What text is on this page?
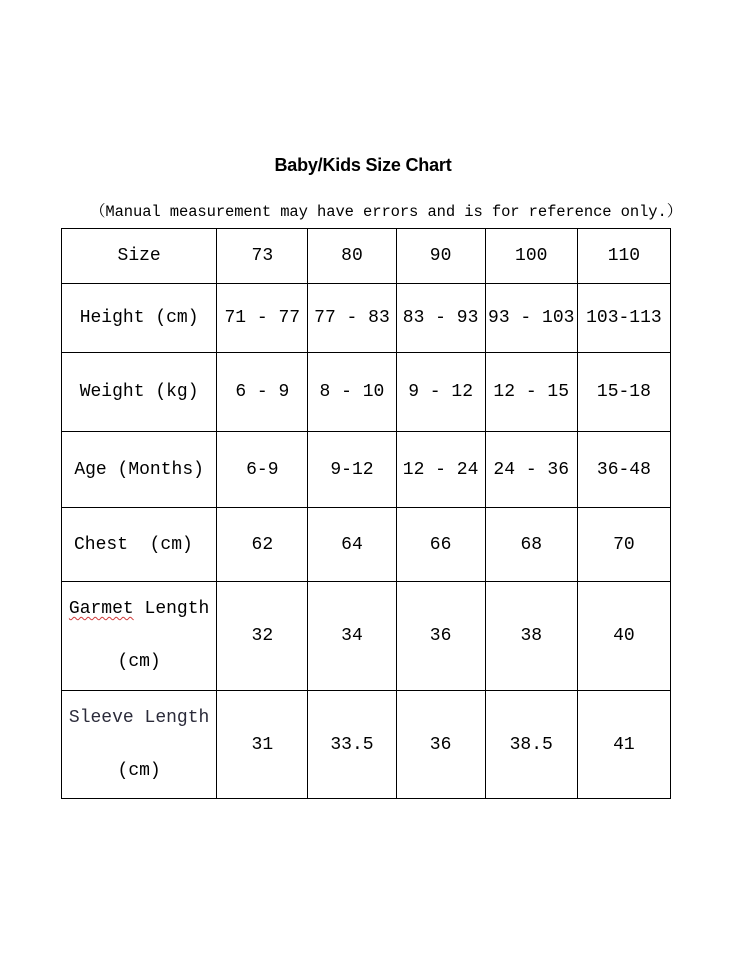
Baby/Kids Size Chart
（Manual measurement may have errors and is for reference only.）
Size	73	80	90	100	110
Height (cm)	71 - 77	77 - 83	83 - 93	93 - 103	103-113
Weight (kg)	6 - 9	8 - 10	9 - 12	12 - 15	15-18
Age (Months)	6-9	9-12	12 - 24	24 - 36	36-48
Chest  (cm)	62	64	66	68	70

Garmet Length
(cm)	32	34	36	38	40

Sleeve Length
(cm)	31	33.5	36	38.5	41
